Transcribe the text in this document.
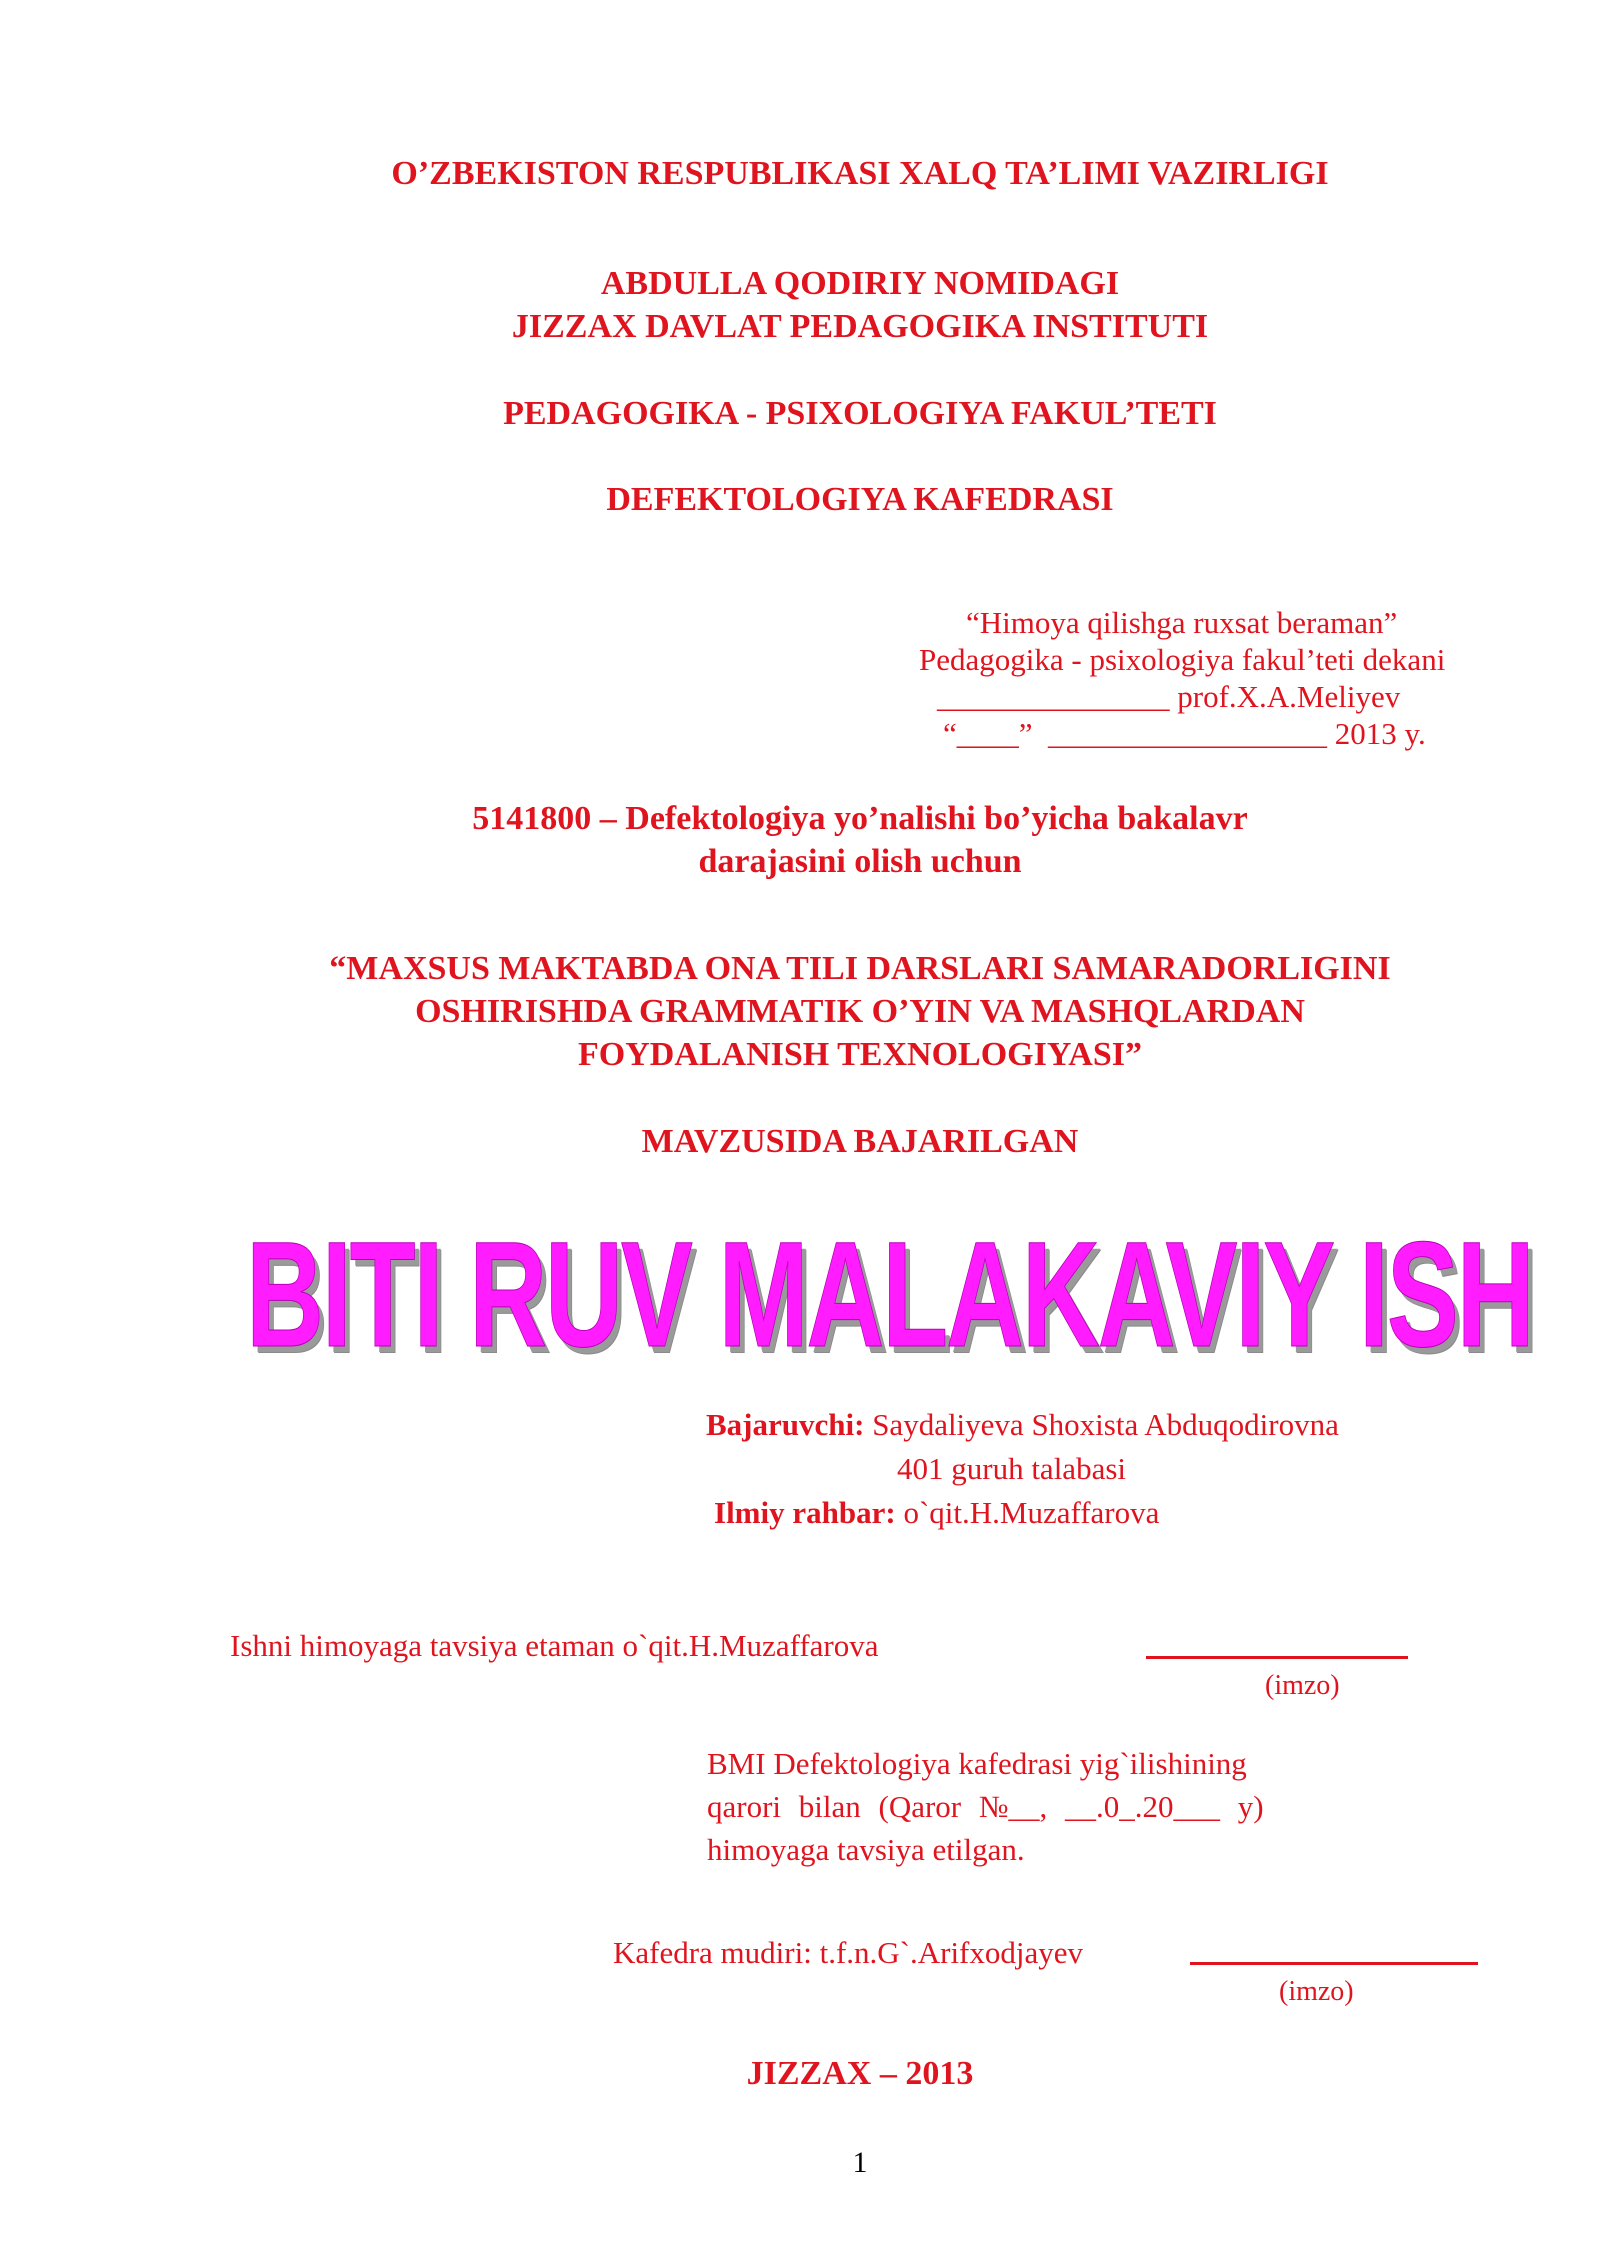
O’ZBEKISTON RESPUBLIKASI XALQ TA’LIMI VAZIRLIGI
ABDULLA QODIRIY NOMIDAGI
JIZZAX DAVLAT PEDAGOGIKA INSTITUTI
PEDAGOGIKA - PSIXOLOGIYA FAKUL’TETI
DEFEKTOLOGIYA KAFEDRASI
“Himoya qilishga ruxsat beraman”
Pedagogika - psixologiya fakul’teti dekani
_______________ prof.X.A.Meliyev
“____”  __________________ 2013 y.
5141800 – Defektologiya yo’nalishi bo’yicha bakalavr
darajasini olish uchun
“MAXSUS MAKTABDA ONA TILI DARSLARI SAMARADORLIGINI
OSHIRISHDA GRAMMATIK O’YIN VA MASHQLARDAN
FOYDALANISH TEXNOLOGIYASI”
MAVZUSIDA BAJARILGAN
BITI RUV MALAKAVIY ISH
Bajaruvchi: Saydaliyeva Shoxista Abduqodirovna
401 guruh talabasi
Ilmiy rahbar: o`qit.H.Muzaffarova
Ishni himoyaga tavsiya etaman o`qit.H.Muzaffarova
(imzo)
BMI Defektologiya kafedrasi yig`ilishining
qarori bilan (Qaror №__, __.0_.20___ y)
himoyaga tavsiya etilgan.
Kafedra mudiri: t.f.n.G`.Arifxodjayev
(imzo)
JIZZAX – 2013
1
